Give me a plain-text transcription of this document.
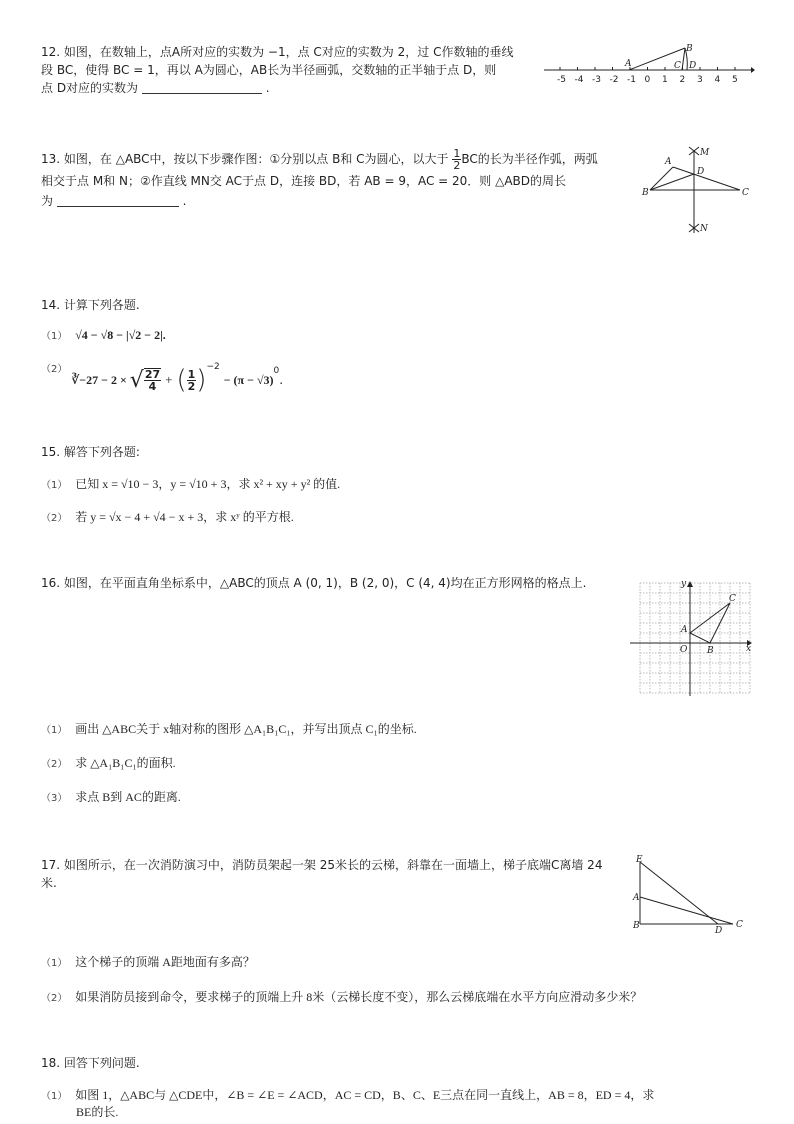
12. 如图，在数轴上，点A所对应的实数为 −1，点 C对应的实数为 2，过 C作数轴的垂线
段 BC，使得 BC = 1，再以 A为圆心，AB长为半径画弧，交数轴的正半轴于点 D，则
点 D对应的实数为	.
-5 -4 -3 -2 -1 0 1 2 3 4 5
A
B
C D
13. 如图，在 △ABC中，按以下步骤作图：①分别以点 B和 C为圆心，以大于 $\frac{1}{2}$ BC的长为半径作弧，两弧
相交于点 M和 N；②作直线 MN交 AC于点 D，连接 BD，若 AB = 9，AC = 20．则 △ABD的周长
为	.
A
B	C
D
M
N
14. 计算下列各题.
（1） √4 − √8 − |√2 − 2|.
（2）
∛−27 − 2 × √ $\frac{27}{4}$ + ( $\frac{1}{2} )^{-2}$
− (π − √3)
$^0$
.
15. 解答下列各题:
（1） 已知 x = √10 − 3，y = √10 + 3，求 x² + xy + y² 的值.
（2） 若 y = √x − 4 + √4 − x + 3，求 xʸ 的平方根.
16. 如图，在平面直角坐标系中，△ABC的顶点 A (0, 1)，B (2, 0)，C (4, 4)均在正方形网格的格点上.
x
y
O
A
B
C
（1） 画出 △ABC关于 x轴对称的图形 △A₁B₁C₁，并写出顶点 C₁的坐标.
（2） 求 △A₁B₁C₁的面积.
（3） 求点 B到 AC的距离.
17. 如图所示，在一次消防演习中，消防员架起一架 25米长的云梯，斜靠在一面墙上，梯子底端C离墙 24
米.
E
A
B	D
C
（1） 这个梯子的顶端 A距地面有多高？
（2） 如果消防员接到命令，要求梯子的顶端上升 8米（云梯长度不变），那么云梯底端在水平方向应滑动多少米？
18. 回答下列问题.
（1） 如图 1，△ABC与 △CDE中，∠B = ∠E = ∠ACD，AC = CD，B、C、E三点在同一直线上，AB = 8，ED = 4，求
BE的长.
